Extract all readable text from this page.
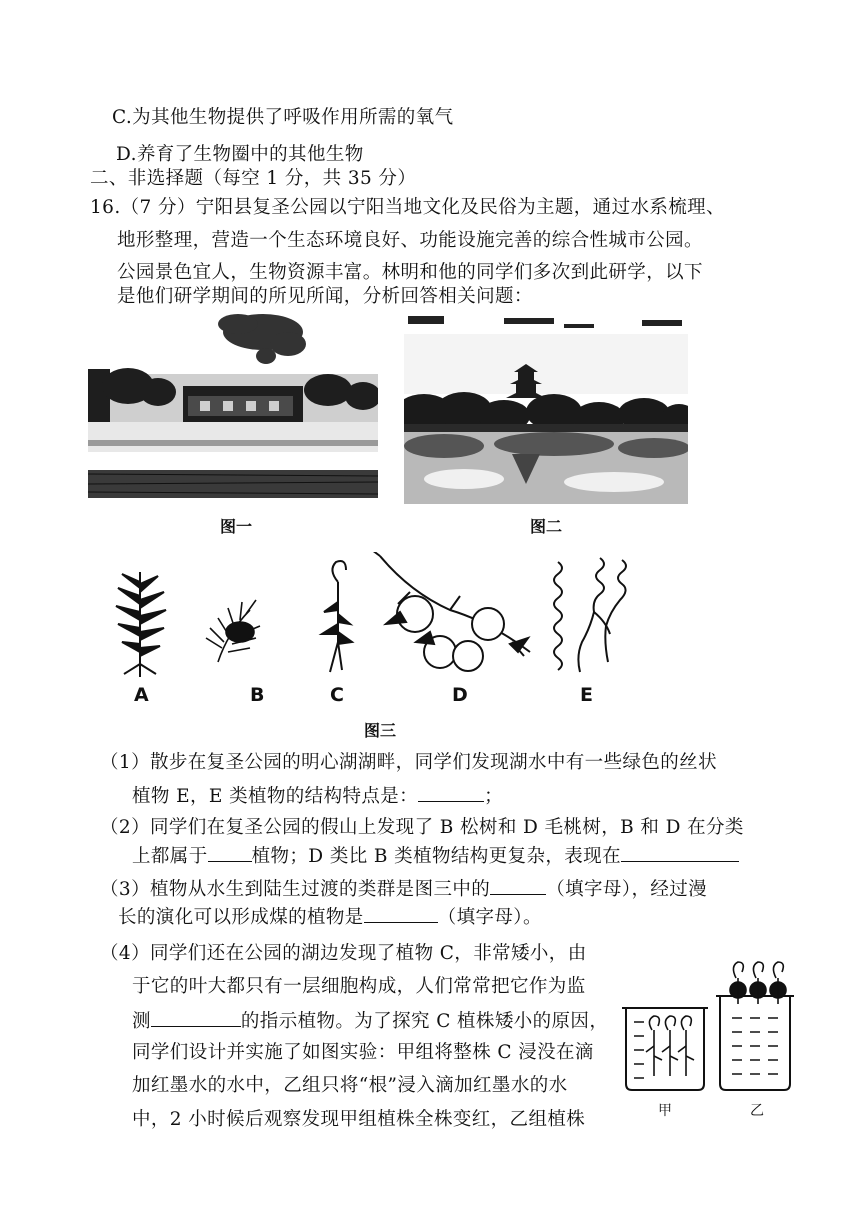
C.为其他生物提供了呼吸作用所需的氧气
D.养育了生物圈中的其他生物
二、非选择题（每空 1 分，共 35 分）
16.（7 分）宁阳县复圣公园以宁阳当地文化及民俗为主题，通过水系梳理、
地形整理，营造一个生态环境良好、功能设施完善的综合性城市公园。
公园景色宜人，生物资源丰富。林明和他的同学们多次到此研学，以下
是他们研学期间的所见所闻，分析回答相关问题：
图一	图二
A	B	C	D	E
图三
（1）散步在复圣公园的明心湖湖畔，同学们发现湖水中有一些绿色的丝状
植物 E，E 类植物的结构特点是：	；
（2）同学们在复圣公园的假山上发现了 B 松树和 D 毛桃树，B 和 D 在分类
上都属于 植物；D 类比 B 类植物结构更复杂，表现在
（3）植物从水生到陆生过渡的类群是图三中的	（填字母），经过漫
长的演化可以形成煤的植物是	（填字母）。
（4）同学们还在公园的湖边发现了植物 C，非常矮小，由
于它的叶大都只有一层细胞构成，人们常常把它作为监
测	的指示植物。为了探究 C 植株矮小的原因，
同学们设计并实施了如图实验：甲组将整株 C 浸没在滴
加红墨水的水中，乙组只将“根”浸入滴加红墨水的水
中，2 小时候后观察发现甲组植株全株变红，乙组植株	甲	乙
